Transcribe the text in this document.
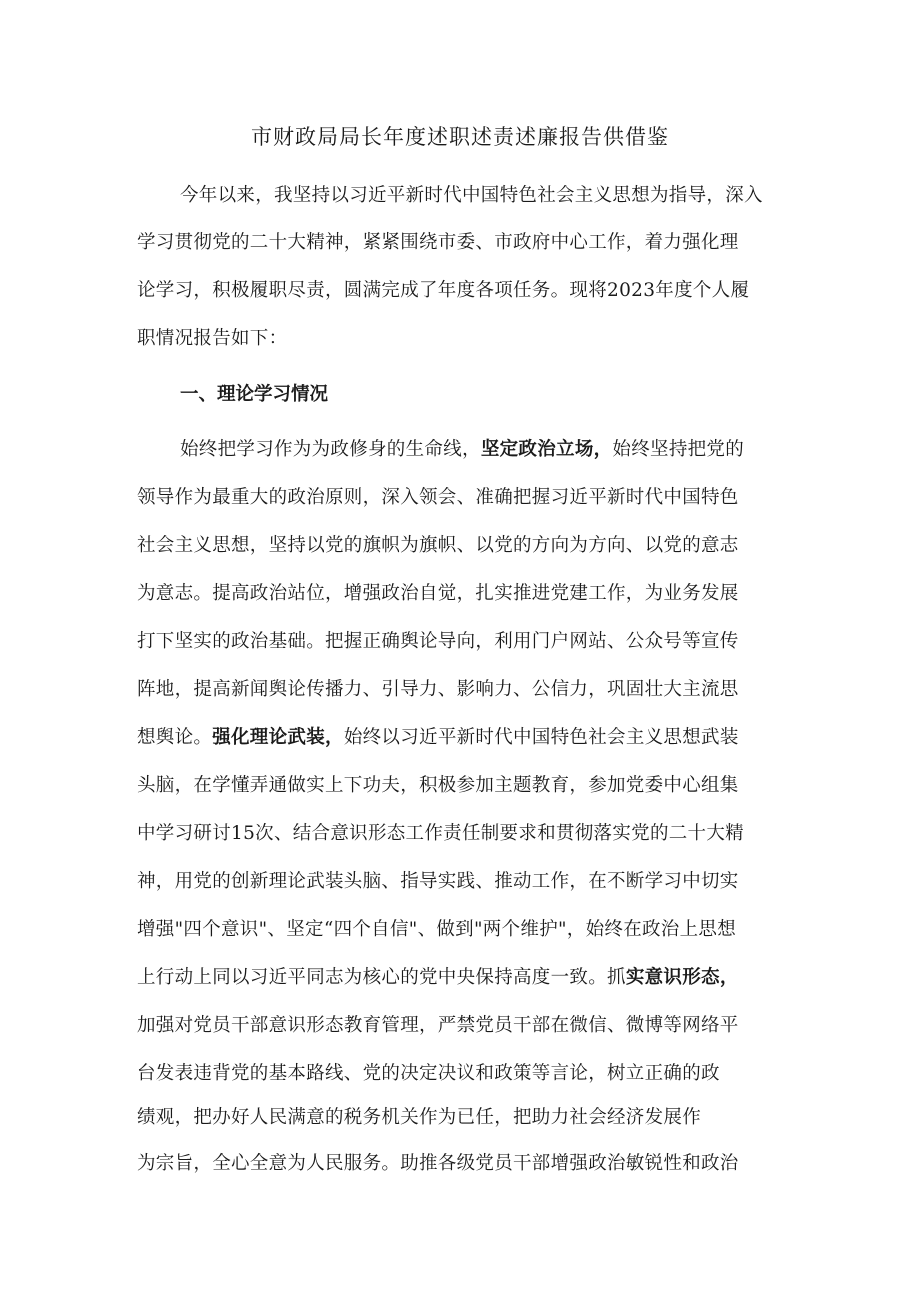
市财政局局长年度述职述责述廉报告供借鉴
今年以来，我坚持以习近平新时代中国特色社会主义思想为指导，深入
学习贯彻党的二十大精神，紧紧围绕市委、市政府中心工作，着力强化理
论学习，积极履职尽责，圆满完成了年度各项任务。现将2023年度个人履
职情况报告如下：
一、理论学习情况
始终把学习作为为政修身的生命线，坚定政治立场，始终坚持把党的
领导作为最重大的政治原则，深入领会、准确把握习近平新时代中国特色
社会主义思想，坚持以党的旗帜为旗帜、以党的方向为方向、以党的意志
为意志。提高政治站位，增强政治自觉，扎实推进党建工作，为业务发展
打下坚实的政治基础。把握正确舆论导向，利用门户网站、公众号等宣传
阵地，提高新闻舆论传播力、引导力、影响力、公信力，巩固壮大主流思
想舆论。强化理论武装，始终以习近平新时代中国特色社会主义思想武装
头脑，在学懂弄通做实上下功夫，积极参加主题教育，参加党委中心组集
中学习研讨15次、结合意识形态工作责任制要求和贯彻落实党的二十大精
神，用党的创新理论武装头脑、指导实践、推动工作，在不断学习中切实
增强"四个意识"、坚定“四个自信"、做到"两个维护"，始终在政治上思想
上行动上同以习近平同志为核心的党中央保持高度一致。抓实意识形态，
加强对党员干部意识形态教育管理，严禁党员干部在微信、微博等网络平
台发表违背党的基本路线、党的决定决议和政策等言论，树立正确的政
绩观，把办好人民满意的税务机关作为已任，把助力社会经济发展作
为宗旨，全心全意为人民服务。助推各级党员干部增强政治敏锐性和政治
